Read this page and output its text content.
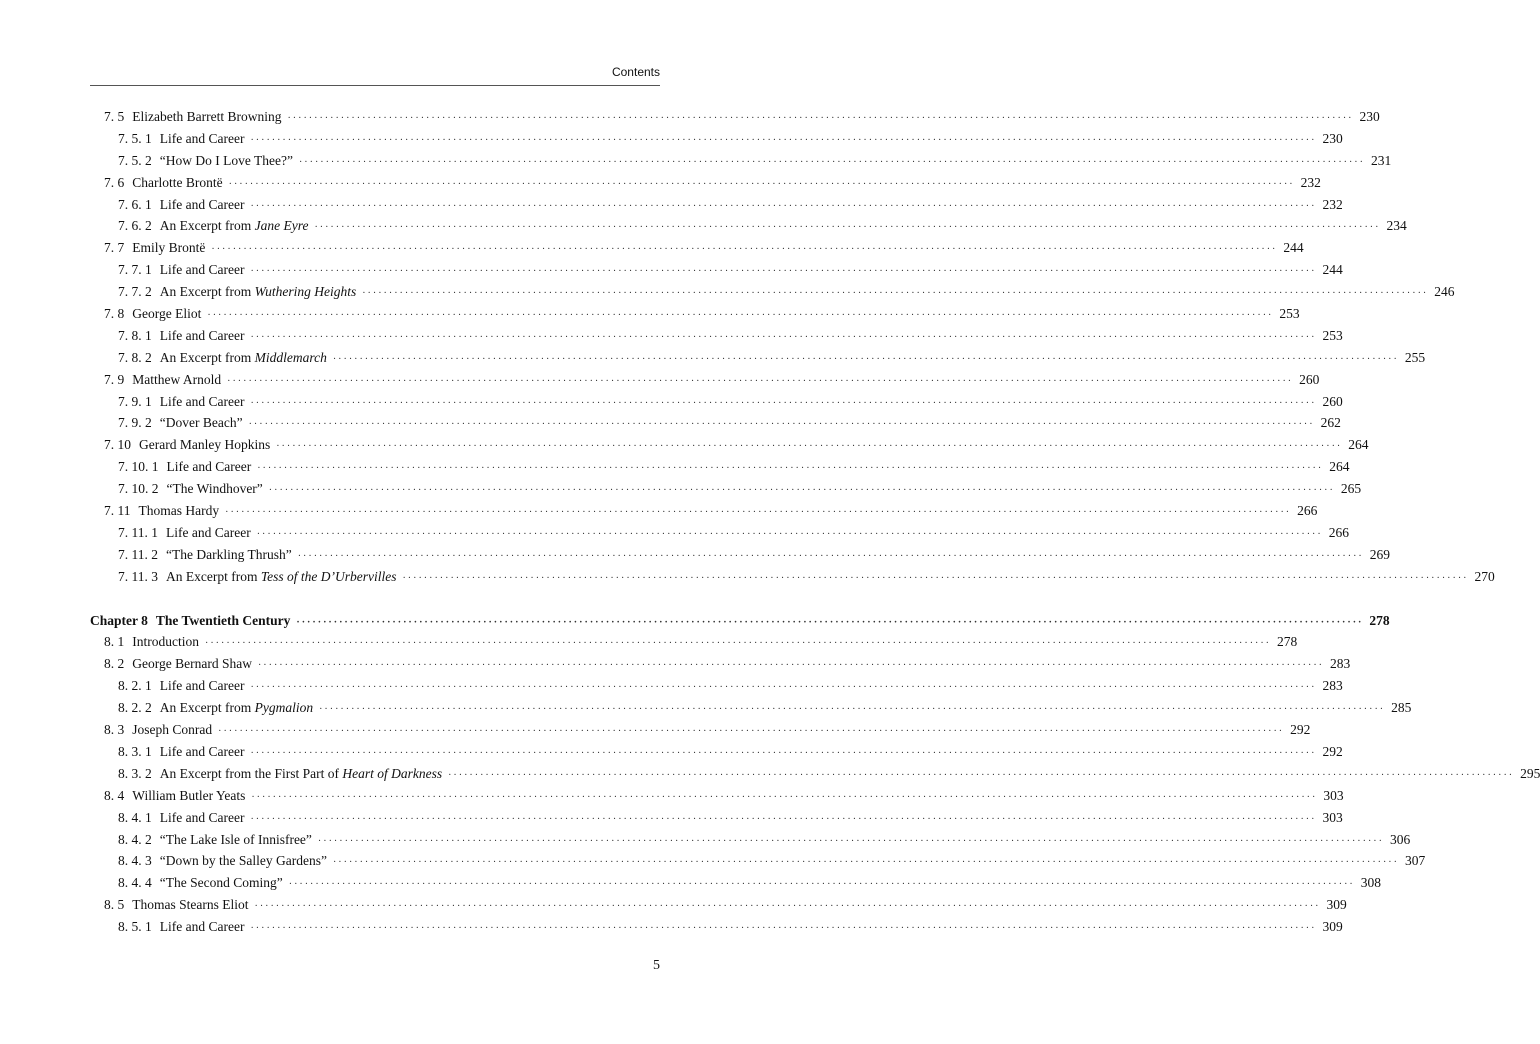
Contents
7. 5 Elizabeth Barrett Browning ········································································································································································································ 230
7. 5. 1 Life and Career ········································································································································································································ 230
7. 5. 2 “How Do I Love Thee?” ········································································································································································································ 231
7. 6 Charlotte Brontë ········································································································································································································ 232
7. 6. 1 Life and Career ········································································································································································································ 232
7. 6. 2 An Excerpt from Jane Eyre ········································································································································································································ 234
7. 7 Emily Brontë ········································································································································································································ 244
7. 7. 1 Life and Career ········································································································································································································ 244
7. 7. 2 An Excerpt from Wuthering Heights ········································································································································································································ 246
7. 8 George Eliot ········································································································································································································ 253
7. 8. 1 Life and Career ········································································································································································································ 253
7. 8. 2 An Excerpt from Middlemarch ········································································································································································································ 255
7. 9 Matthew Arnold ········································································································································································································ 260
7. 9. 1 Life and Career ········································································································································································································ 260
7. 9. 2 “Dover Beach” ········································································································································································································ 262
7. 10 Gerard Manley Hopkins ········································································································································································································ 264
7. 10. 1 Life and Career ········································································································································································································ 264
7. 10. 2 “The Windhover” ········································································································································································································ 265
7. 11 Thomas Hardy ········································································································································································································ 266
7. 11. 1 Life and Career ········································································································································································································ 266
7. 11. 2 “The Darkling Thrush” ········································································································································································································ 269
7. 11. 3 An Excerpt from Tess of the D’Urbervilles ········································································································································································································ 270
Chapter 8 The Twentieth Century ········································································································································································································ 278
8. 1 Introduction ········································································································································································································ 278
8. 2 George Bernard Shaw ········································································································································································································ 283
8. 2. 1 Life and Career ········································································································································································································ 283
8. 2. 2 An Excerpt from Pygmalion ········································································································································································································ 285
8. 3 Joseph Conrad ········································································································································································································ 292
8. 3. 1 Life and Career ········································································································································································································ 292
8. 3. 2 An Excerpt from the First Part of Heart of Darkness ········································································································································································································ 295
8. 4 William Butler Yeats ········································································································································································································ 303
8. 4. 1 Life and Career ········································································································································································································ 303
8. 4. 2 “The Lake Isle of Innisfree” ········································································································································································································ 306
8. 4. 3 “Down by the Salley Gardens” ········································································································································································································ 307
8. 4. 4 “The Second Coming” ········································································································································································································ 308
8. 5 Thomas Stearns Eliot ········································································································································································································ 309
8. 5. 1 Life and Career ········································································································································································································ 309
5
